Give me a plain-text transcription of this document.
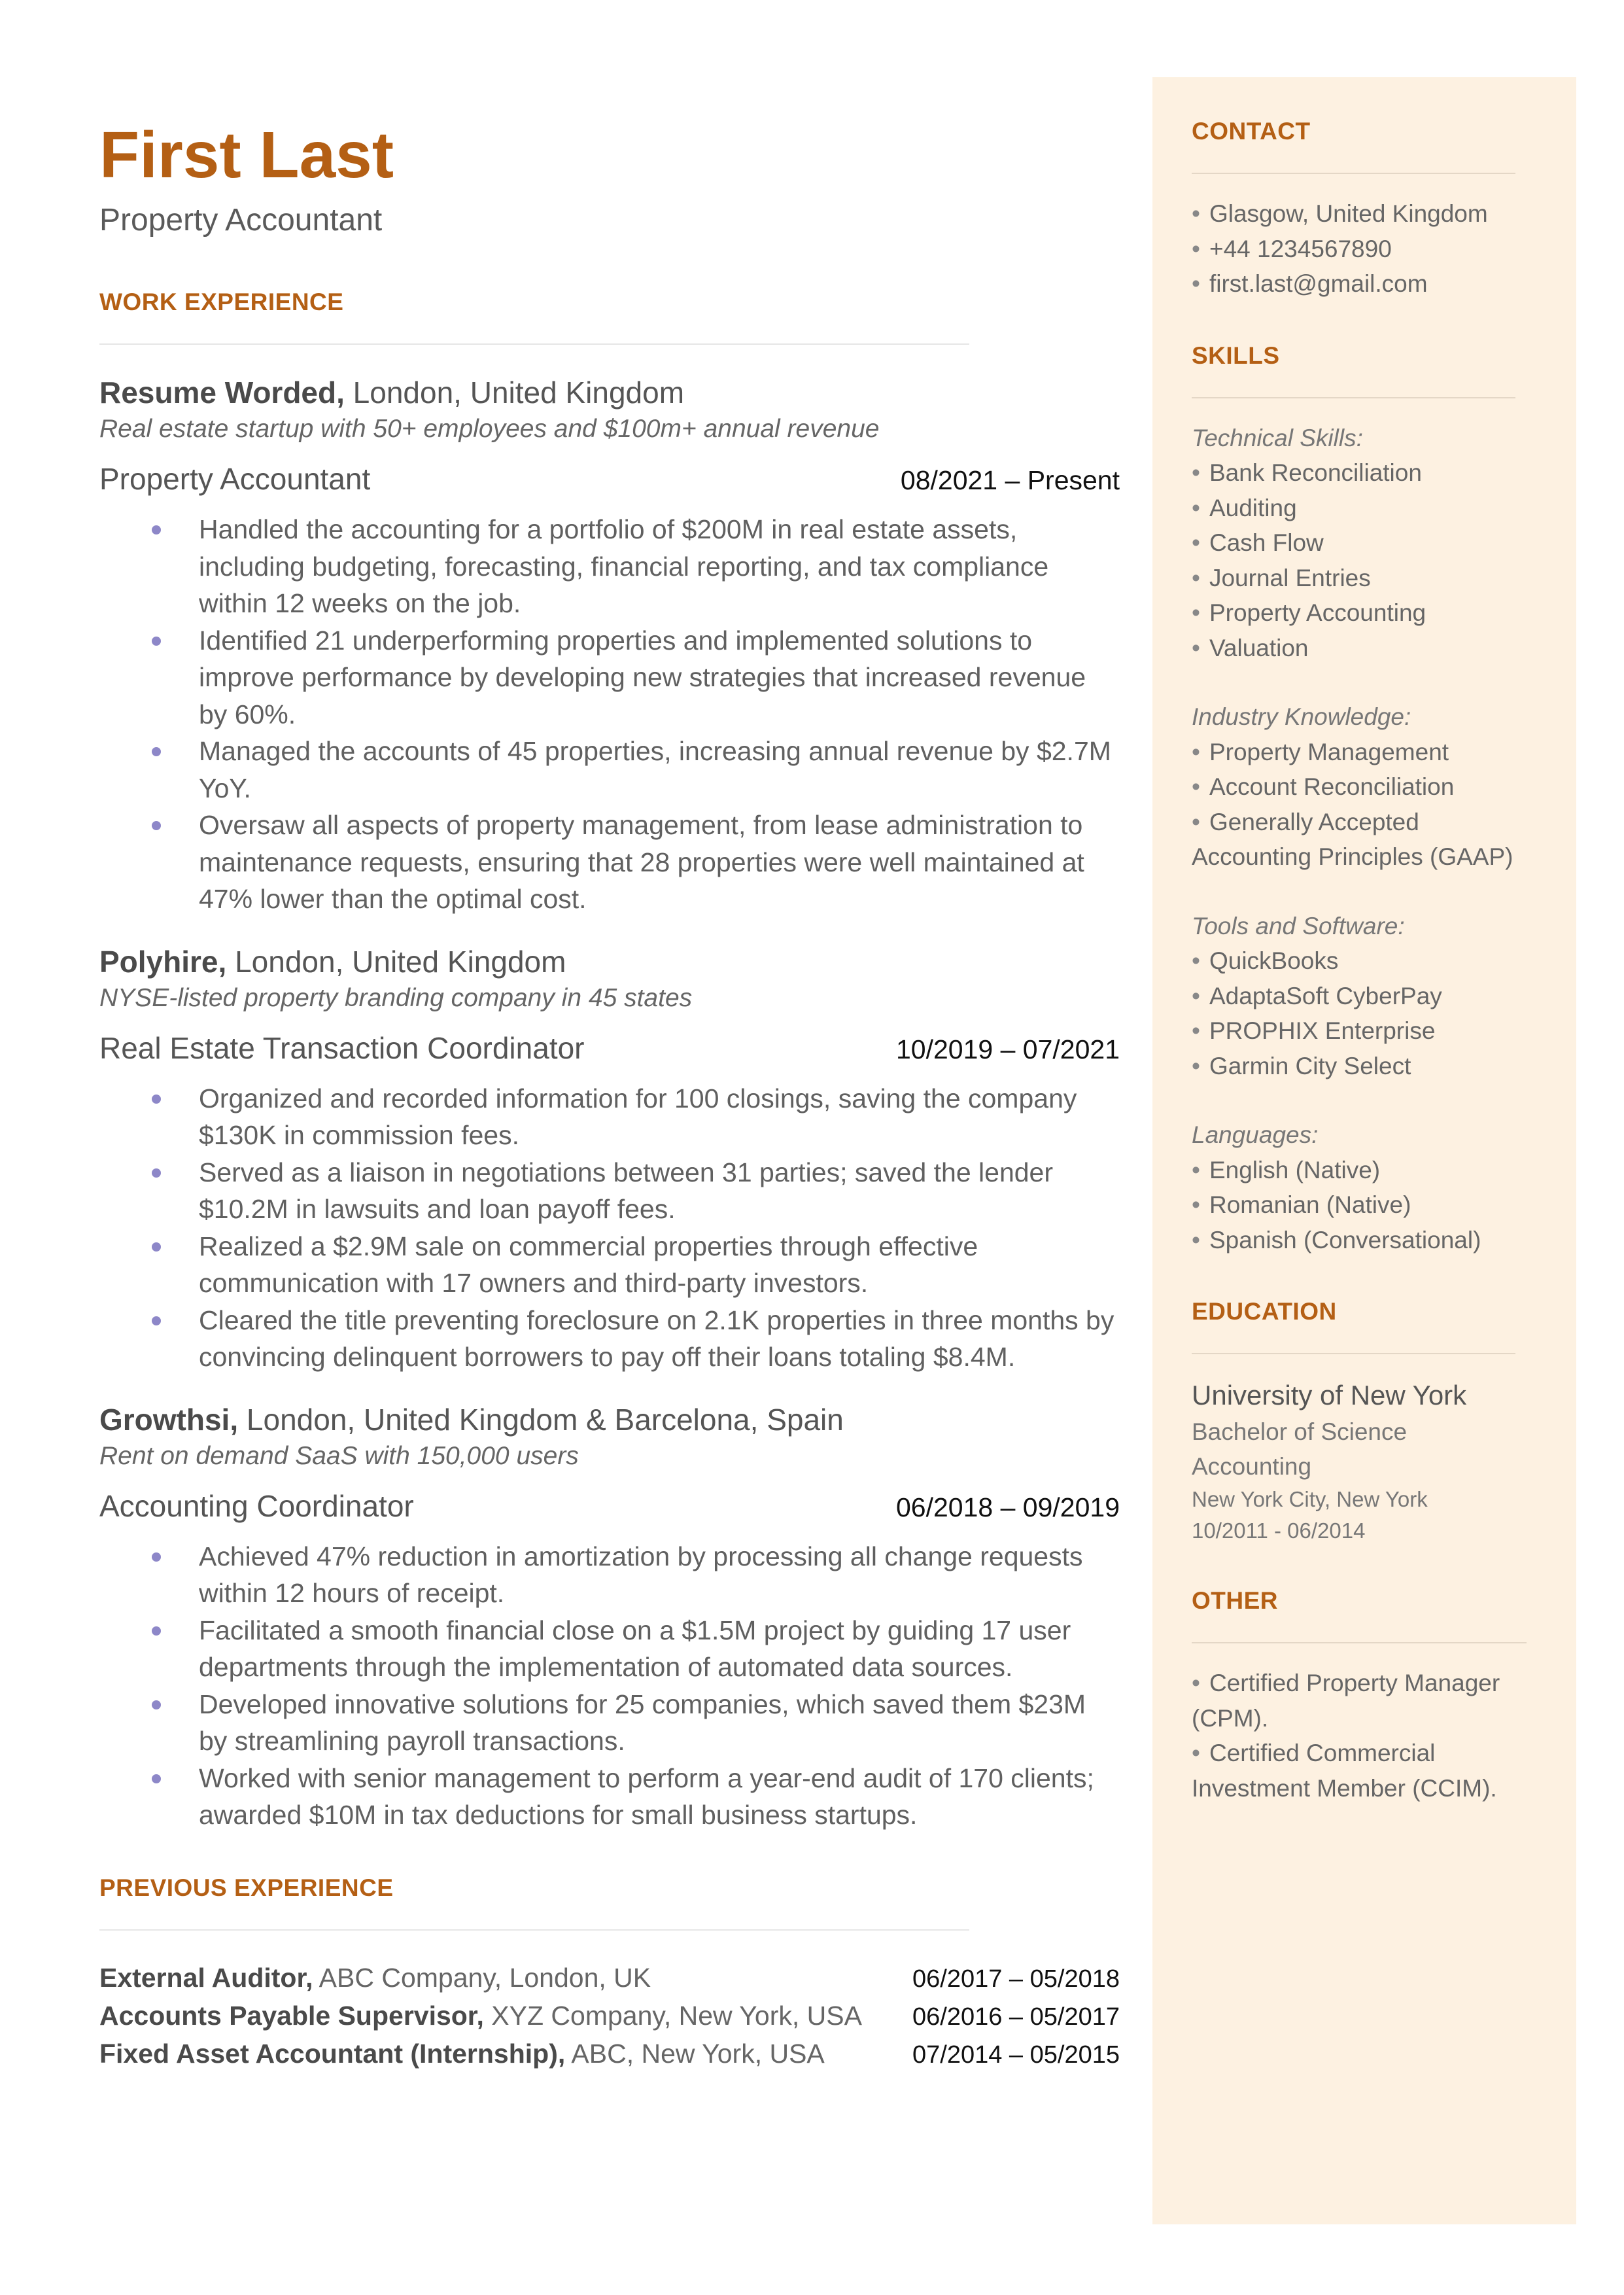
First Last
Property Accountant
WORK EXPERIENCE
Resume Worded, London, United Kingdom
Real estate startup with 50+ employees and $100m+ annual revenue
Property Accountant	08/2021 – Present
Handled the accounting for a portfolio of $200M in real estate assets, including budgeting, forecasting, financial reporting, and tax compliance within 12 weeks on the job.
Identified 21 underperforming properties and implemented solutions to improve performance by developing new strategies that increased revenue by 60%.
Managed the accounts of 45 properties, increasing annual revenue by $2.7M YoY.
Oversaw all aspects of property management, from lease administration to maintenance requests, ensuring that 28 properties were well maintained at 47% lower than the optimal cost.
Polyhire, London, United Kingdom
NYSE-listed property branding company in 45 states
Real Estate Transaction Coordinator	10/2019 – 07/2021
Organized and recorded information for 100 closings, saving the company $130K in commission fees.
Served as a liaison in negotiations between 31 parties; saved the lender $10.2M in lawsuits and loan payoff fees.
Realized a $2.9M sale on commercial properties through effective communication with 17 owners and third-party investors.
Cleared the title preventing foreclosure on 2.1K properties in three months by convincing delinquent borrowers to pay off their loans totaling $8.4M.
Growthsi, London, United Kingdom & Barcelona, Spain
Rent on demand SaaS with 150,000 users
Accounting Coordinator	06/2018 – 09/2019
Achieved 47% reduction in amortization by processing all change requests within 12 hours of receipt.
Facilitated a smooth financial close on a $1.5M project by guiding 17 user departments through the implementation of automated data sources.
Developed innovative solutions for 25 companies, which saved them $23M by streamlining payroll transactions.
Worked with senior management to perform a year-end audit of 170 clients; awarded $10M in tax deductions for small business startups.
PREVIOUS EXPERIENCE
External Auditor, ABC Company, London, UK	06/2017 – 05/2018
Accounts Payable Supervisor, XYZ Company, New York, USA 06/2016 – 05/2017
Fixed Asset Accountant (Internship), ABC, New York, USA	07/2014 – 05/2015
CONTACT
• Glasgow, United Kingdom
• +44 1234567890
• first.last@gmail.com
SKILLS
Technical Skills:
• Bank Reconciliation
• Auditing
• Cash Flow
• Journal Entries
• Property Accounting
• Valuation
Industry Knowledge:
• Property Management
• Account Reconciliation
• Generally Accepted Accounting Principles (GAAP)
Tools and Software:
• QuickBooks
• AdaptaSoft CyberPay
• PROPHIX Enterprise
• Garmin City Select
Languages:
• English (Native)
• Romanian (Native)
• Spanish (Conversational)
EDUCATION
University of New York
Bachelor of Science
Accounting
New York City, New York
10/2011 - 06/2014
OTHER
• Certified Property Manager (CPM).
• Certified Commercial Investment Member (CCIM).
